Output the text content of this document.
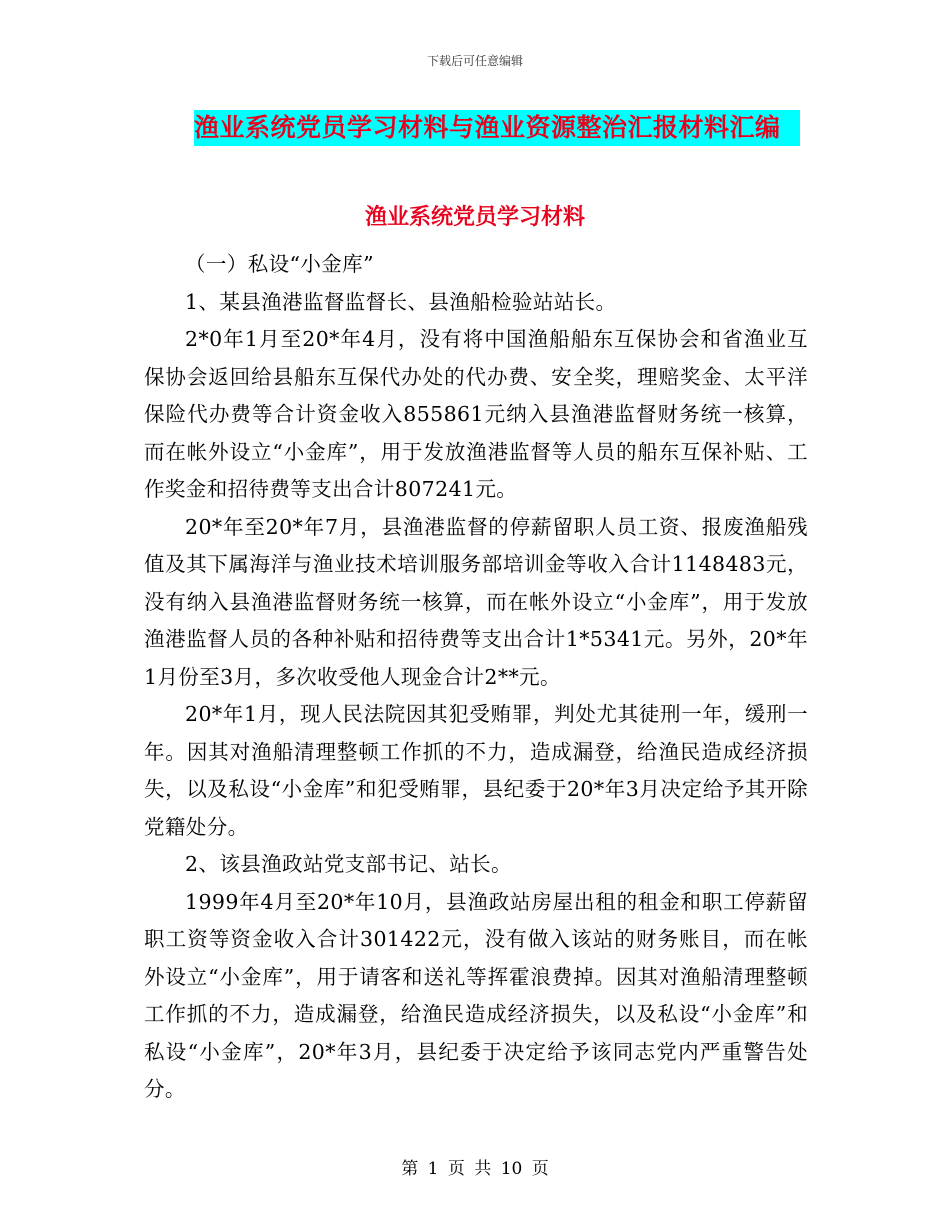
下载后可任意编辑
渔业系统党员学习材料与渔业资源整治汇报材料汇编
渔业系统党员学习材料

（一）私设“小金库”

1、某县渔港监督监督长、县渔船检验站站长。

2*0年1月至20*年4月，没有将中国渔船船东互保协会和省渔业互保协会返回给县船东互保代办处的代办费、安全奖，理赔奖金、太平洋保险代办费等合计资金收入855861元纳入县渔港监督财务统一核算，而在帐外设立“小金库”，用于发放渔港监督等人员的船东互保补贴、工作奖金和招待费等支出合计807241元。

20*年至20*年7月，县渔港监督的停薪留职人员工资、报废渔船残值及其下属海洋与渔业技术培训服务部培训金等收入合计1148483元，没有纳入县渔港监督财务统一核算，而在帐外设立“小金库”，用于发放渔港监督人员的各种补贴和招待费等支出合计1*5341元。另外，20*年1月份至3月，多次收受他人现金合计2**元。

20*年1月，现人民法院因其犯受贿罪，判处尤其徒刑一年，缓刑一年。因其对渔船清理整顿工作抓的不力，造成漏登，给渔民造成经济损失，以及私设“小金库”和犯受贿罪，县纪委于20*年3月决定给予其开除党籍处分。

2、该县渔政站党支部书记、站长。

1999年4月至20*年10月，县渔政站房屋出租的租金和职工停薪留职工资等资金收入合计301422元，没有做入该站的财务账目，而在帐外设立“小金库”，用于请客和送礼等挥霍浪费掉。因其对渔船清理整顿工作抓的不力，造成漏登，给渔民造成经济损失，以及私设“小金库”和私设“小金库”，20*年3月，县纪委于决定给予该同志党内严重警告处分。

第 1 页 共 10 页
